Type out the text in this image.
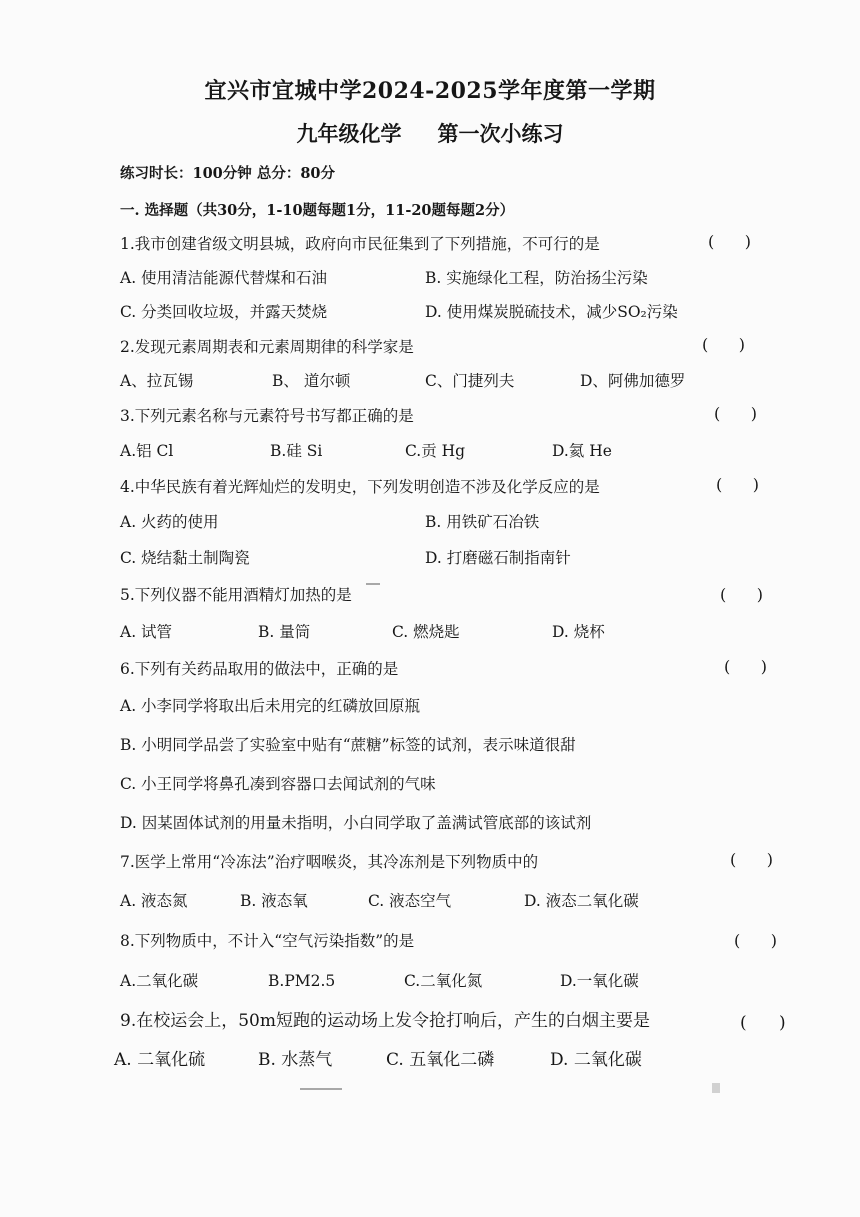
宜兴市宜城中学2024-2025学年度第一学期
九年级化学 第一次小练习
练习时长：100分钟 总分：80分
一. 选择题（共30分，1-10题每题1分，11-20题每题2分）
1.我市创建省级文明县城，政府向市民征集到了下列措施，不可行的是	(      )
A. 使用清洁能源代替煤和石油	B. 实施绿化工程，防治扬尘污染
C. 分类回收垃圾，并露天焚烧	D. 使用煤炭脱硫技术，减少SO₂污染
2.发现元素周期表和元素周期律的科学家是	(      )
A、拉瓦锡	B、 道尔顿	C、门捷列夫	D、阿佛加德罗
3.下列元素名称与元素符号书写都正确的是	(      )
A.铝 Cl	B.硅 Si	C.贡 Hg	D.氦 He
4.中华民族有着光辉灿烂的发明史，下列发明创造不涉及化学反应的是	(      )
A. 火药的使用	B. 用铁矿石冶铁
C. 烧结黏土制陶瓷	D. 打磨磁石制指南针
5.下列仪器不能用酒精灯加热的是	(      )
A. 试管	B. 量筒	C. 燃烧匙	D. 烧杯
6.下列有关药品取用的做法中，正确的是	(      )
A. 小李同学将取出后未用完的红磷放回原瓶
B. 小明同学品尝了实验室中贴有“蔗糖”标签的试剂，表示味道很甜
C. 小王同学将鼻孔凑到容器口去闻试剂的气味
D. 因某固体试剂的用量未指明，小白同学取了盖满试管底部的该试剂
7.医学上常用“冷冻法”治疗咽喉炎，其冷冻剂是下列物质中的	(      )
A. 液态氮	B. 液态氧	C. 液态空气	D. 液态二氧化碳
8.下列物质中，不计入“空气污染指数”的是	(      )
A.二氧化碳	B.PM2.5	C.二氧化氮	D.一氧化碳
9.在校运会上，50m短跑的运动场上发令抢打响后，产生的白烟主要是	(      )
A. 二氧化硫	B. 水蒸气	C. 五氧化二磷	D. 二氧化碳
